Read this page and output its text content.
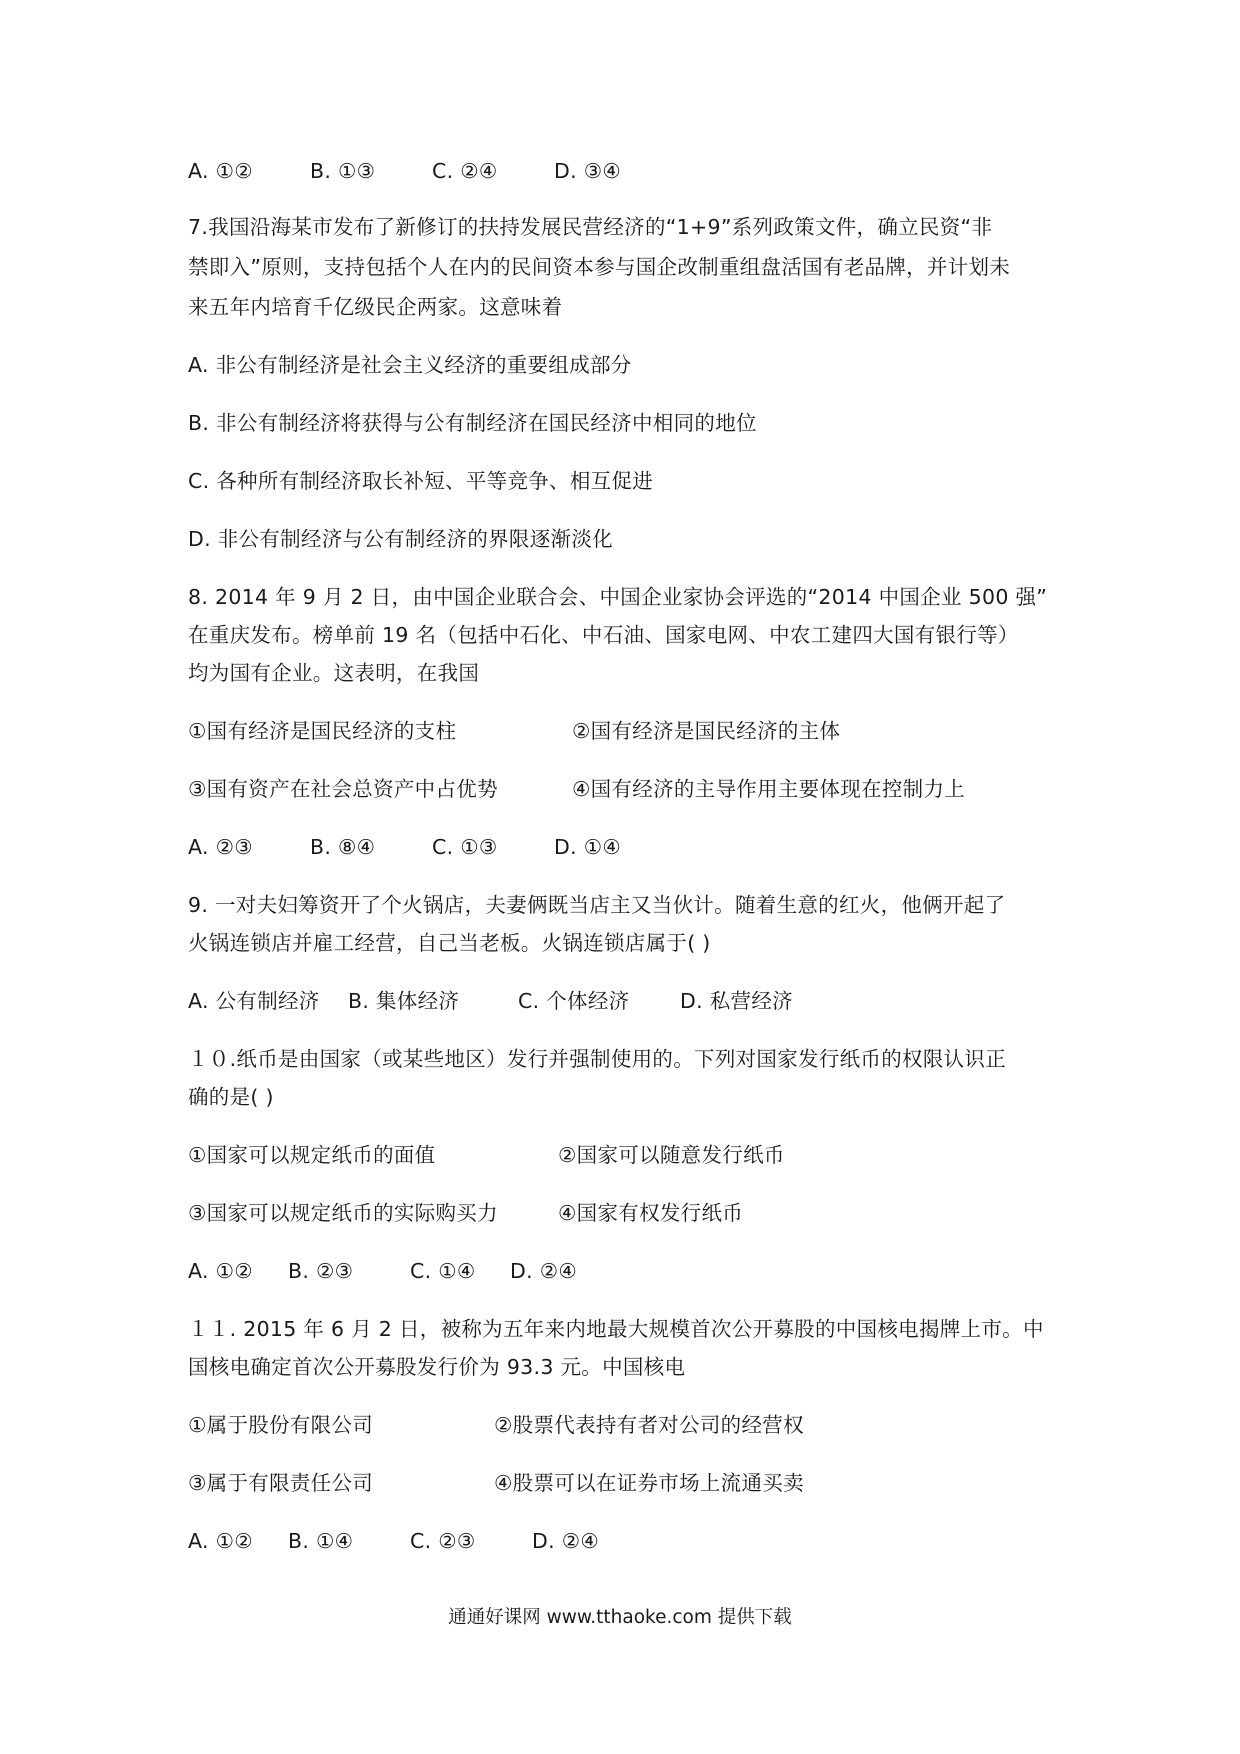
A. ①②	B. ①③	C. ②④	D. ③④
7.我国沿海某市发布了新修订的扶持发展民营经济的“1+9”系列政策文件，确立民资“非
禁即入”原则，支持包括个人在内的民间资本参与国企改制重组盘活国有老品牌，并计划未
来五年内培育千亿级民企两家。这意味着
A. 非公有制经济是社会主义经济的重要组成部分
B. 非公有制经济将获得与公有制经济在国民经济中相同的地位
C. 各种所有制经济取长补短、平等竞争、相互促进
D. 非公有制经济与公有制经济的界限逐渐淡化
8. 2014 年 9 月 2 日，由中国企业联合会、中国企业家协会评选的“2014 中国企业 500 强”
在重庆发布。榜单前 19 名（包括中石化、中石油、国家电网、中农工建四大国有银行等）
均为国有企业。这表明，在我国
①国有经济是国民经济的支柱	②国有经济是国民经济的主体
③国有资产在社会总资产中占优势	④国有经济的主导作用主要体现在控制力上
A. ②③	B. ⑧④	C. ①③	D. ①④
9. 一对夫妇筹资开了个火锅店，夫妻俩既当店主又当伙计。随着生意的红火，他俩开起了
火锅连锁店并雇工经营，自己当老板。火锅连锁店属于( )
A. 公有制经济 B. 集体经济	C. 个体经济 D. 私营经济
１０.纸币是由国家（或某些地区）发行并强制使用的。下列对国家发行纸币的权限认识正
确的是( )
①国家可以规定纸币的面值	②国家可以随意发行纸币
③国家可以规定纸币的实际购买力	④国家有权发行纸币
A. ①② B. ②③	C. ①④ D. ②④
１１. 2015 年 6 月 2 日，被称为五年来内地最大规模首次公开募股的中国核电揭牌上市。中
国核电确定首次公开募股发行价为 93.3 元。中国核电
①属于股份有限公司	②股票代表持有者对公司的经营权
③属于有限责任公司	④股票可以在证券市场上流通买卖
A. ①② B. ①④	C. ②③	D. ②④
通通好课网 www.tthaoke.com 提供下载
